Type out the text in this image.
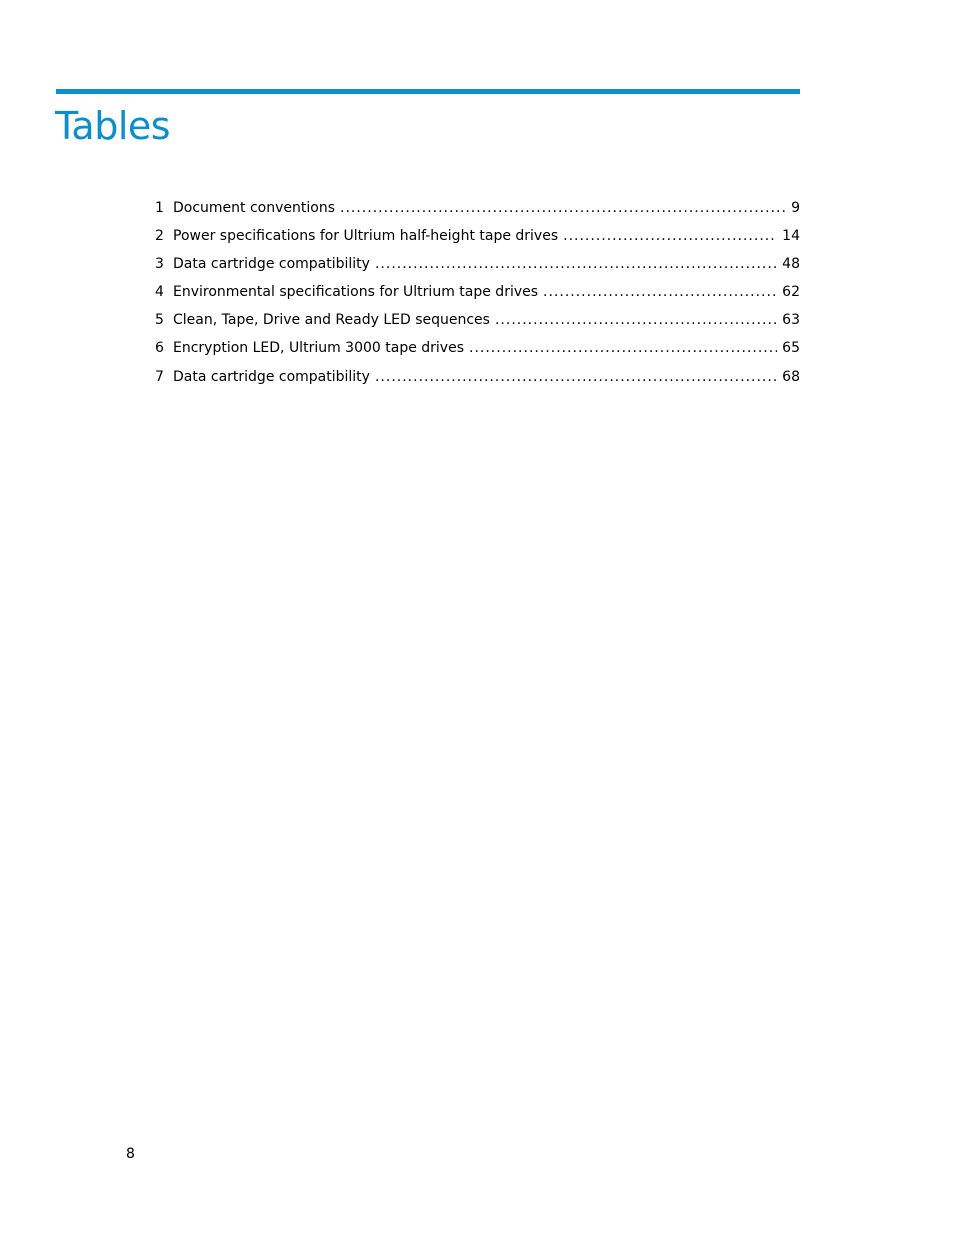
Tables
1 Document conventions .....	9
2 Power specifications for Ultrium half-height tape drives .....	14
3 Data cartridge compatibility .....	48
4 Environmental specifications for Ultrium tape drives .....	62
5 Clean, Tape, Drive and Ready LED sequences .....	63
6 Encryption LED, Ultrium 3000 tape drives .....	65
7 Data cartridge compatibility .....	68
8
